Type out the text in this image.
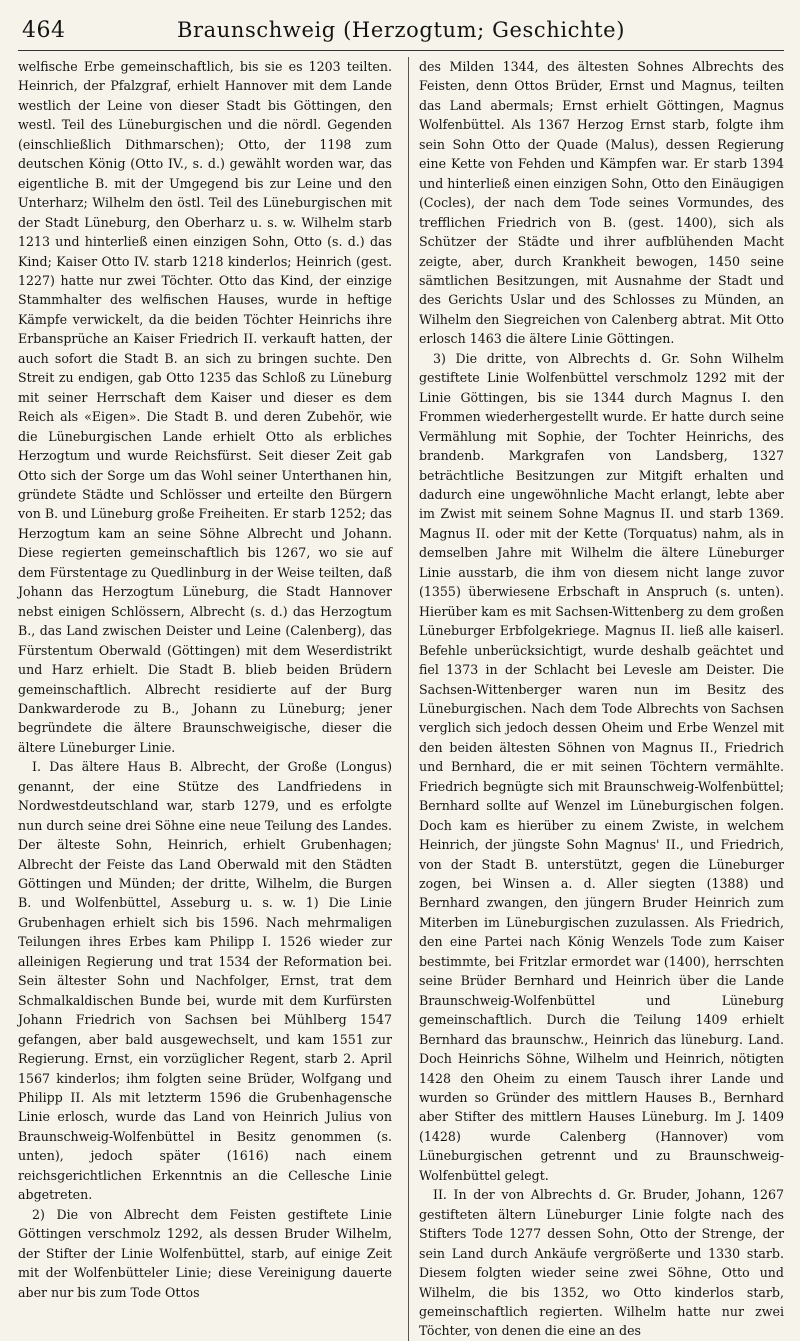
464	Braunschweig (Herzogtum; Geschichte)

welfische Erbe gemeinschaftlich, bis sie es 1203 teilten. Heinrich, der Pfalzgraf, erhielt Hannover mit dem Lande westlich der Leine von dieser Stadt bis Göttingen, den westl. Teil des Lüneburgischen und die nördl. Gegenden (einschließlich Dithmarschen); Otto, der 1198 zum deutschen König (Otto IV., s. d.) gewählt worden war, das eigentliche B. mit der Umgegend bis zur Leine und den Unterharz; Wilhelm den östl. Teil des Lüneburgischen mit der Stadt Lüneburg, den Oberharz u. s. w. Wilhelm starb 1213 und hinterließ einen einzigen Sohn, Otto (s. d.) das Kind; Kaiser Otto IV. starb 1218 kinderlos; Heinrich (gest. 1227) hatte nur zwei Töchter. Otto das Kind, der einzige Stammhalter des welfischen Hauses, wurde in heftige Kämpfe verwickelt, da die beiden Töchter Heinrichs ihre Erbansprüche an Kaiser Friedrich II. verkauft hatten, der auch sofort die Stadt B. an sich zu bringen suchte. Den Streit zu endigen, gab Otto 1235 das Schloß zu Lüneburg mit seiner Herrschaft dem Kaiser und dieser es dem Reich als «Eigen». Die Stadt B. und deren Zubehör, wie die Lüneburgischen Lande erhielt Otto als erbliches Herzogtum und wurde Reichsfürst. Seit dieser Zeit gab Otto sich der Sorge um das Wohl seiner Unterthanen hin, gründete Städte und Schlösser und erteilte den Bürgern von B. und Lüneburg große Freiheiten. Er starb 1252; das Herzogtum kam an seine Söhne Albrecht und Johann. Diese regierten gemeinschaftlich bis 1267, wo sie auf dem Fürstentage zu Quedlinburg in der Weise teilten, daß Johann das Herzogtum Lüneburg, die Stadt Hannover nebst einigen Schlössern, Albrecht (s. d.) das Herzogtum B., das Land zwischen Deister und Leine (Calenberg), das Fürstentum Oberwald (Göttingen) mit dem Weserdistrikt und Harz erhielt. Die Stadt B. blieb beiden Brüdern gemeinschaftlich. Albrecht residierte auf der Burg Dankwarderode zu B., Johann zu Lüneburg; jener begründete die ältere Braunschweigische, dieser die ältere Lüneburger Linie.

I. Das ältere Haus B. Albrecht, der Große (Longus) genannt, der eine Stütze des Landfriedens in Nordwestdeutschland war, starb 1279, und es erfolgte nun durch seine drei Söhne eine neue Teilung des Landes. Der älteste Sohn, Heinrich, erhielt Grubenhagen; Albrecht der Feiste das Land Oberwald mit den Städten Göttingen und Münden; der dritte, Wilhelm, die Burgen B. und Wolfenbüttel, Asseburg u. s. w. 1) Die Linie Grubenhagen erhielt sich bis 1596. Nach mehrmaligen Teilungen ihres Erbes kam Philipp I. 1526 wieder zur alleinigen Regierung und trat 1534 der Reformation bei. Sein ältester Sohn und Nachfolger, Ernst, trat dem Schmalkaldischen Bunde bei, wurde mit dem Kurfürsten Johann Friedrich von Sachsen bei Mühlberg 1547 gefangen, aber bald ausgewechselt, und kam 1551 zur Regierung. Ernst, ein vorzüglicher Regent, starb 2. April 1567 kinderlos; ihm folgten seine Brüder, Wolfgang und Philipp II. Als mit letzterm 1596 die Grubenhagensche Linie erlosch, wurde das Land von Heinrich Julius von Braunschweig-Wolfenbüttel in Besitz genommen (s. unten), jedoch später (1616) nach einem reichsgerichtlichen Erkenntnis an die Cellesche Linie abgetreten.

2) Die von Albrecht dem Feisten gestiftete Linie Göttingen verschmolz 1292, als dessen Bruder Wilhelm, der Stifter der Linie Wolfenbüttel, starb, auf einige Zeit mit der Wolfenbütteler Linie; diese Vereinigung dauerte aber nur bis zum Tode Ottos

des Milden 1344, des ältesten Sohnes Albrechts des Feisten, denn Ottos Brüder, Ernst und Magnus, teilten das Land abermals; Ernst erhielt Göttingen, Magnus Wolfenbüttel. Als 1367 Herzog Ernst starb, folgte ihm sein Sohn Otto der Quade (Malus), dessen Regierung eine Kette von Fehden und Kämpfen war. Er starb 1394 und hinterließ einen einzigen Sohn, Otto den Einäugigen (Cocles), der nach dem Tode seines Vormundes, des trefflichen Friedrich von B. (gest. 1400), sich als Schützer der Städte und ihrer aufblühenden Macht zeigte, aber, durch Krankheit bewogen, 1450 seine sämtlichen Besitzungen, mit Ausnahme der Stadt und des Gerichts Uslar und des Schlosses zu Münden, an Wilhelm den Siegreichen von Calenberg abtrat. Mit Otto erlosch 1463 die ältere Linie Göttingen.

3) Die dritte, von Albrechts d. Gr. Sohn Wilhelm gestiftete Linie Wolfenbüttel verschmolz 1292 mit der Linie Göttingen, bis sie 1344 durch Magnus I. den Frommen wiederhergestellt wurde. Er hatte durch seine Vermählung mit Sophie, der Tochter Heinrichs, des brandenb. Markgrafen von Landsberg, 1327 beträchtliche Besitzungen zur Mitgift erhalten und dadurch eine ungewöhnliche Macht erlangt, lebte aber im Zwist mit seinem Sohne Magnus II. und starb 1369. Magnus II. oder mit der Kette (Torquatus) nahm, als in demselben Jahre mit Wilhelm die ältere Lüneburger Linie ausstarb, die ihm von diesem nicht lange zuvor (1355) überwiesene Erbschaft in Anspruch (s. unten). Hierüber kam es mit Sachsen-Wittenberg zu dem großen Lüneburger Erbfolgekriege. Magnus II. ließ alle kaiserl. Befehle unberücksichtigt, wurde deshalb geächtet und fiel 1373 in der Schlacht bei Levesle am Deister. Die Sachsen-Wittenberger waren nun im Besitz des Lüneburgischen. Nach dem Tode Albrechts von Sachsen verglich sich jedoch dessen Oheim und Erbe Wenzel mit den beiden ältesten Söhnen von Magnus II., Friedrich und Bernhard, die er mit seinen Töchtern vermählte. Friedrich begnügte sich mit Braunschweig-Wolfenbüttel; Bernhard sollte auf Wenzel im Lüneburgischen folgen. Doch kam es hierüber zu einem Zwiste, in welchem Heinrich, der jüngste Sohn Magnus' II., und Friedrich, von der Stadt B. unterstützt, gegen die Lüneburger zogen, bei Winsen a. d. Aller siegten (1388) und Bernhard zwangen, den jüngern Bruder Heinrich zum Miterben im Lüneburgischen zuzulassen. Als Friedrich, den eine Partei nach König Wenzels Tode zum Kaiser bestimmte, bei Fritzlar ermordet war (1400), herrschten seine Brüder Bernhard und Heinrich über die Lande Braunschweig-Wolfenbüttel und Lüneburg gemeinschaftlich. Durch die Teilung 1409 erhielt Bernhard das braunschw., Heinrich das lüneburg. Land. Doch Heinrichs Söhne, Wilhelm und Heinrich, nötigten 1428 den Oheim zu einem Tausch ihrer Lande und wurden so Gründer des mittlern Hauses B., Bernhard aber Stifter des mittlern Hauses Lüneburg. Im J. 1409 (1428) wurde Calenberg (Hannover) vom Lüneburgischen getrennt und zu Braunschweig-Wolfenbüttel gelegt.

II. In der von Albrechts d. Gr. Bruder, Johann, 1267 gestifteten ältern Lüneburger Linie folgte nach des Stifters Tode 1277 dessen Sohn, Otto der Strenge, der sein Land durch Ankäufe vergrößerte und 1330 starb. Diesem folgten wieder seine zwei Söhne, Otto und Wilhelm, die bis 1352, wo Otto kinderlos starb, gemeinschaftlich regierten. Wilhelm hatte nur zwei Töchter, von denen die eine an des
